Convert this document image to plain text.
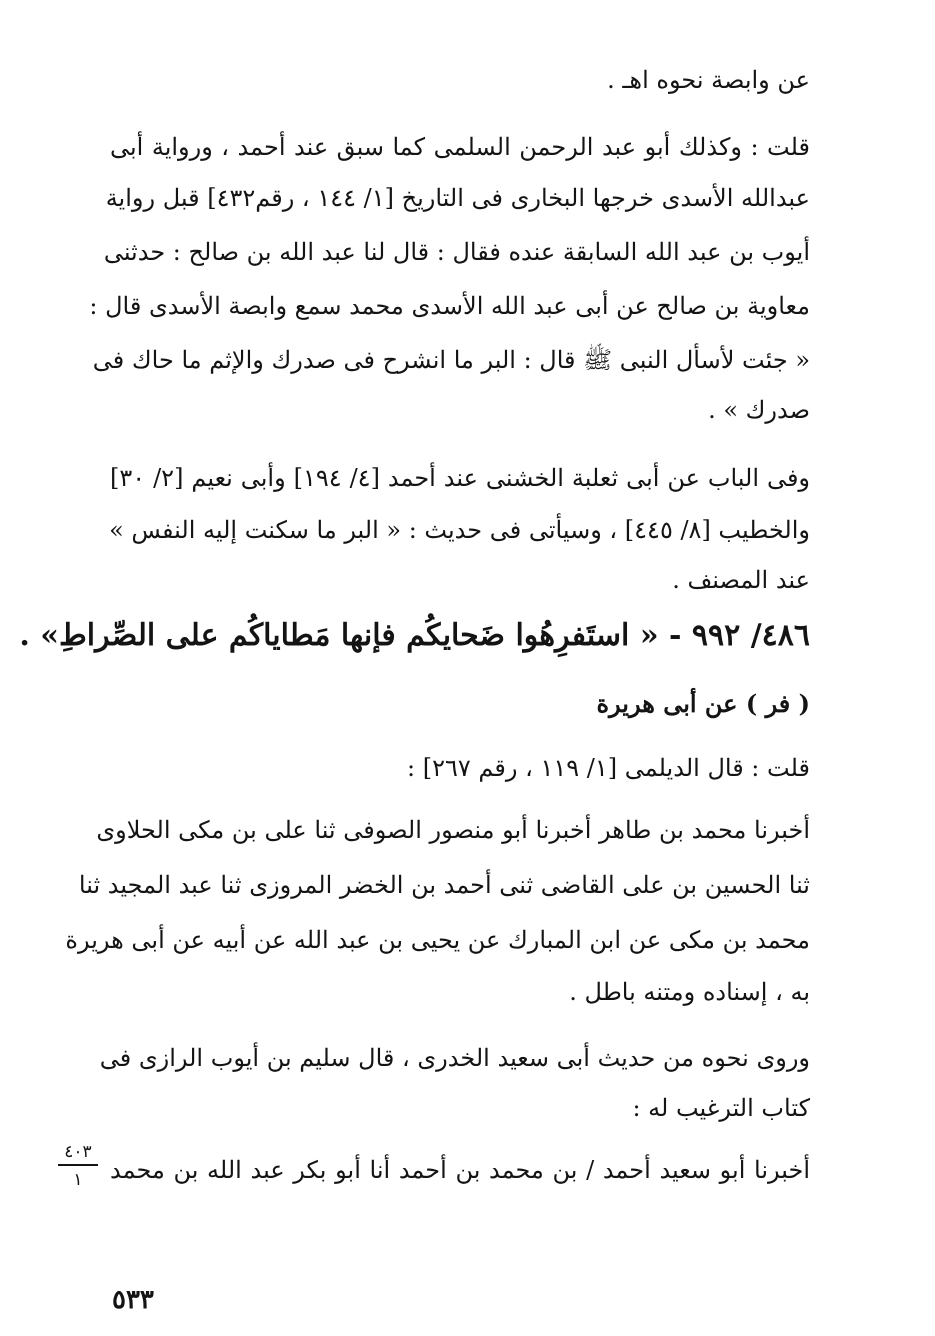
عن وابصة نحوه اهـ .
قلت : وكذلك أبو عبد الرحمن السلمى كما سبق عند أحمد ، ورواية أبى
عبدالله الأسدى خرجها البخارى فى التاريخ [١/ ١٤٤ ، رقم٤٣٢] قبل رواية
أيوب بن عبد الله السابقة عنده فقال : قال لنا عبد الله بن صالح : حدثنى
معاوية بن صالح عن أبى عبد الله الأسدى محمد سمع وابصة الأسدى قال :
« جئت لأسأل النبى ﷺ قال : البر ما انشرح فى صدرك والإثم ما حاك فى
صدرك » .
وفى الباب عن أبى ثعلبة الخشنى عند أحمد [٤/ ١٩٤] وأبى نعيم [٢/ ٣٠]
والخطيب [٨/ ٤٤٥] ، وسيأتى فى حديث : « البر ما سكنت إليه النفس »
عند المصنف .
٤٨٦/ ٩٩٢ - « استَفرِهُوا ضَحايكُم فإنها مَطاياكُم على الصِّراطِ» .
( فر ) عن أبى هريرة
قلت : قال الديلمى [١/ ١١٩ ، رقم ٢٦٧] :
أخبرنا محمد بن طاهر أخبرنا أبو منصور الصوفى ثنا على بن مكى الحلاوى
ثنا الحسين بن على القاضى ثنى أحمد بن الخضر المروزى ثنا عبد المجيد ثنا
محمد بن مكى عن ابن المبارك عن يحيى بن عبد الله عن أبيه عن أبى هريرة
به ، إسناده ومتنه باطل .
وروى نحوه من حديث أبى سعيد الخدرى ، قال سليم بن أيوب الرازى فى
كتاب الترغيب له :
أخبرنا أبو سعيد أحمد / بن محمد بن أحمد أنا أبو بكر عبد الله بن محمد
٤٠٣
١
٥٣٣
